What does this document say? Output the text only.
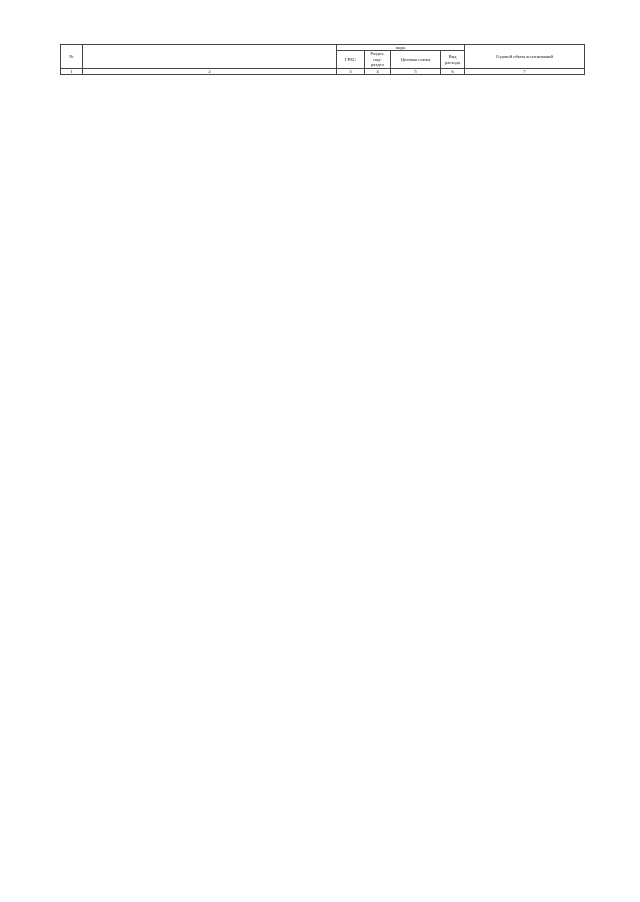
№		коды				Годовой объем ассигнований
		ГРБС	Раздел, под-раздел	Целевая статья	Вид расхода	
1	2	3	4	5	6	7
